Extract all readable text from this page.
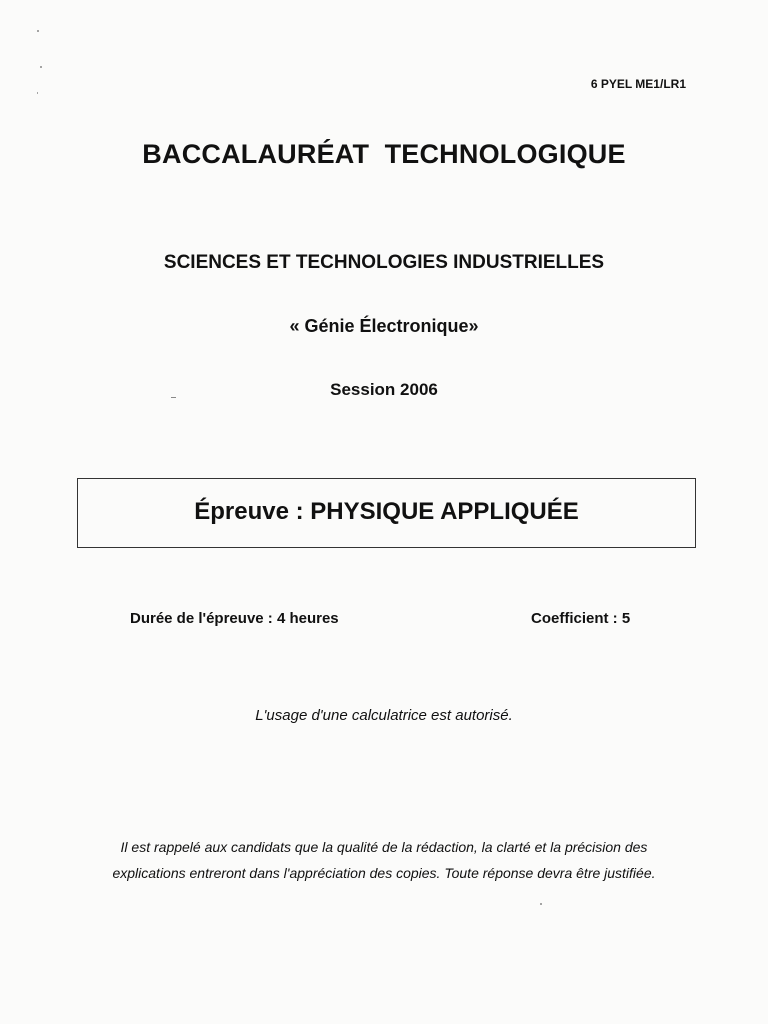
6 PYEL ME1/LR1
BACCALAURÉAT  TECHNOLOGIQUE
SCIENCES ET TECHNOLOGIES INDUSTRIELLES
« Génie Électronique»
Session 2006
Épreuve : PHYSIQUE APPLIQUÉE
Durée de l'épreuve : 4 heures	Coefficient : 5
L'usage d'une calculatrice est autorisé.
Il est rappelé aux candidats que la qualité de la rédaction, la clarté et la précision des
explications entreront dans l'appréciation des copies. Toute réponse devra être justifiée.
